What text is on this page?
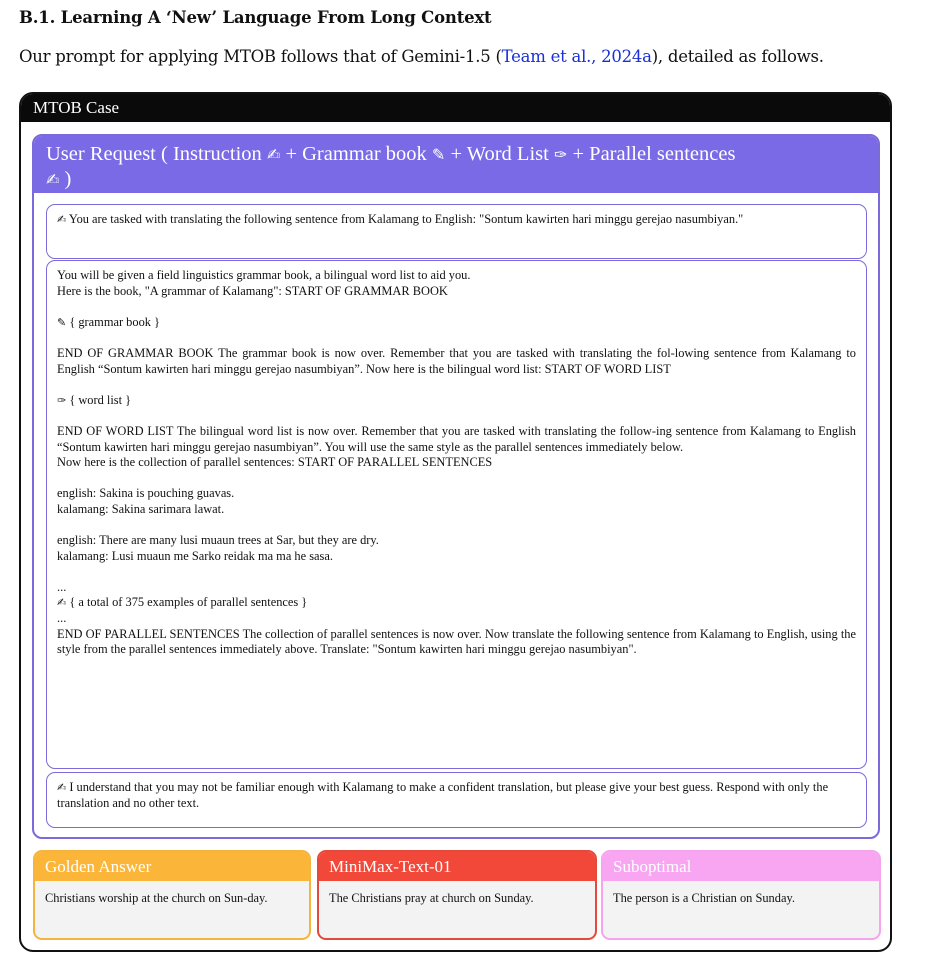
B.1. Learning A ‘New’ Language From Long Context
Our prompt for applying MTOB follows that of Gemini-1.5 (Team et al., 2024a), detailed as follows.
MTOB Case
User Request ( Instruction ✍ + Grammar book ✎ + Word List ✑ + Parallel sentences
✍ )

✍ You are tasked with translating the following sentence from Kalamang to English: "Sontum kawirten hari minggu gerejao nasumbiyan."

You will be given a field linguistics grammar book, a bilingual word list to aid you.

Here is the book, "A grammar of Kalamang": START OF GRAMMAR BOOK

✎ { grammar book }

END OF GRAMMAR BOOK The grammar book is now over. Remember that you are tasked with translating the fol-lowing sentence from Kalamang to English “Sontum kawirten hari minggu gerejao nasumbiyan”. Now here is the bilingual word list: START OF WORD LIST

✑ { word list }

END OF WORD LIST The bilingual word list is now over. Remember that you are tasked with translating the follow-ing sentence from Kalamang to English “Sontum kawirten hari minggu gerejao nasumbiyan”. You will use the same style as the parallel sentences immediately below.

Now here is the collection of parallel sentences: START OF PARALLEL SENTENCES

english: Sakina is pouching guavas.

kalamang: Sakina sarimara lawat.

english: There are many lusi muaun trees at Sar, but they are dry.

kalamang: Lusi muaun me Sarko reidak ma ma he sasa.

...

✍ { a total of 375 examples of parallel sentences }

...

END OF PARALLEL SENTENCES The collection of parallel sentences is now over. Now translate the following sentence from Kalamang to English, using the style from the parallel sentences immediately above. Translate: "Sontum kawirten hari minggu gerejao nasumbiyan".

✍ I understand that you may not be familiar enough with Kalamang to make a confident translation, but please give your best guess. Respond with only the translation and no other text.

Golden Answer
Christians worship at the church on Sun-day.
MiniMax-Text-01
The Christians pray at church on Sunday.
Suboptimal
The person is a Christian on Sunday.
